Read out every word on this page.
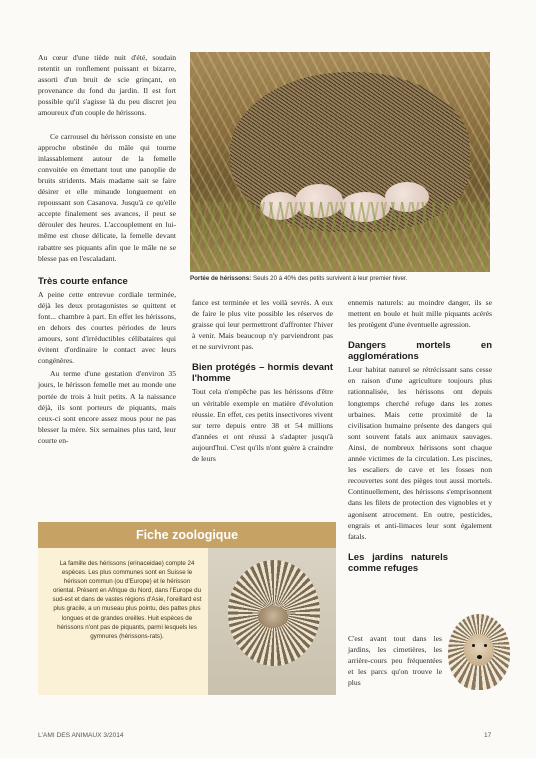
Au cœur d'une tiède nuit d'été, soudain retentit un ronflement puissant et bizarre, assorti d'un bruit de scie grinçant, en provenance du fond du jardin. Il est fort possible qu'il s'agisse là du peu discret jeu amoureux d'un couple de hérissons.

Ce carrousel du hérisson consiste en une approche obstinée du mâle qui tourne inlassablement autour de la femelle convoitée en émettant tout une panoplie de bruits stridents. Mais madame sait se faire désirer et elle minaude longuement en repoussant son Casanova. Jusqu'à ce qu'elle accepte finalement ses avances, il peut se dérouler des heures. L'accouplement en lui-même est chose délicate, la femelle devant rabattre ses piquants afin que le mâle ne se blesse pas en l'escaladant.

Très courte enfance

A peine cette entrevue cordiale terminée, déjà les deux protagonistes se quittent et font... chambre à part. En effet les hérissons, en dehors des courtes périodes de leurs amours, sont d'irréductibles célibataires qui évitent d'ordinaire le contact avec leurs congénères.

Au terme d'une gestation d'environ 35 jours, le hérisson femelle met au monde une portée de trois à huit petits. A la naissance déjà, ils sont porteurs de piquants, mais ceux-ci sont encore assez mous pour ne pas blesser la mère. Six semaines plus tard, leur courte en-

Portée de hérissons: Seuls 20 à 40% des petits survivent à leur premier hiver.

fance est terminée et les voilà sevrés. A eux de faire le plus vite possible les réserves de graisse qui leur permettront d'affronter l'hiver à venir. Mais beaucoup n'y parviendront pas et ne survivront pas.

Bien protégés – hormis devant l'homme

Tout cela n'empêche pas les hérissons d'être un véritable exemple en matière d'évolution réussie. En effet, ces petits insectivores vivent sur terre depuis entre 38 et 54 millions d'années et ont réussi à s'adapter jusqu'à aujourd'hui. C'est qu'ils n'ont guère à craindre de leurs

ennemis naturels: au moindre danger, ils se mettent en boule et huit mille piquants acérés les protègent d'une éventuelle agression.

Dangers mortels en agglomérations

Leur habitat naturel se rétrécissant sans cesse en raison d'une agriculture toujours plus rationnalisée, les hérissons ont depuis longtemps cherché refuge dans les zones urbaines. Mais cette proximité de la civilisation humaine présente des dangers qui sont souvent fatals aux animaux sauvages. Ainsi, de nombreux hérissons sont chaque année victimes de la circulation. Les piscines, les escaliers de cave et les fosses non recouvertes sont des pièges tout aussi mortels. Continuellement, des hérissons s'emprisonnent dans les filets de protection des vignobles et y agonisent atrocement. En outre, pesticides, engrais et anti-limaces leur sont également fatals.

Les jardins naturels comme refuges

C'est avant tout dans les jardins, les cimetières, les arrière-cours peu fréquentées et les parcs qu'on trouve le plus

Fiche zoologique
La famille des hérissons (erinaceidae) compte 24 espèces. Les plus communes sont en Suisse le hérisson commun (ou d'Europe) et le hérisson oriental. Présent en Afrique du Nord, dans l'Europe du sud-est et dans de vastes régions d'Asie, l'oreillard est plus gracile, a un museau plus pointu, des pattes plus longues et de grandes oreilles. Huit espèces de hérissons n'ont pas de piquants, parmi lesquels les gymnures (hérissons-rats).
L'AMI DES ANIMAUX 3/2014	17
